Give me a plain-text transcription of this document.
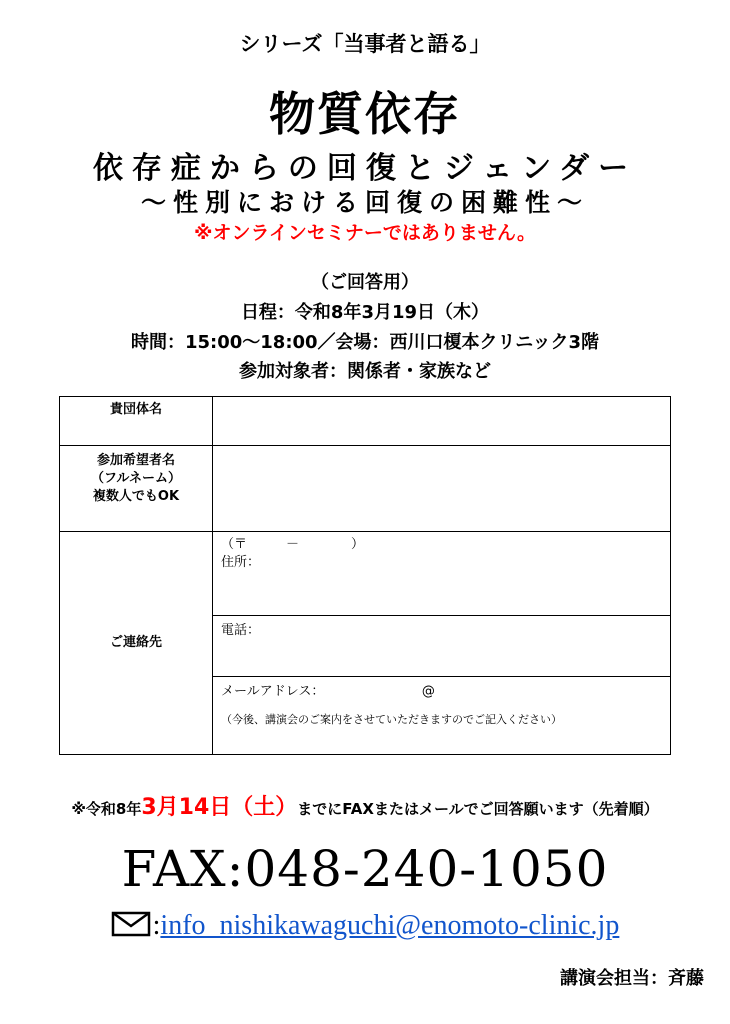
シリーズ「当事者と語る」
物質依存
依存症からの回復とジェンダー
～性別における回復の困難性～
※オンラインセミナーではありません。
（ご回答用）
日程：令和8年3月19日（木）
時間：15:00～18:00／会場：西川口榎本クリニック3階
参加対象者：関係者・家族など
貴団体名	

参加希望者名
（フルネーム）
複数人でもOK	

ご連絡先	（〒　　　－　　　　）
住所：

	電話：

	メールアドレス：　　　　　　　　@
（今後、講演会のご案内をさせていただきますのでご記入ください）
※令和8年3月14日（土）までにFAXまたはメールでご回答願います（先着順）
FAX:048-240-1050
:info_nishikawaguchi@enomoto-clinic.jp
講演会担当：斉藤
